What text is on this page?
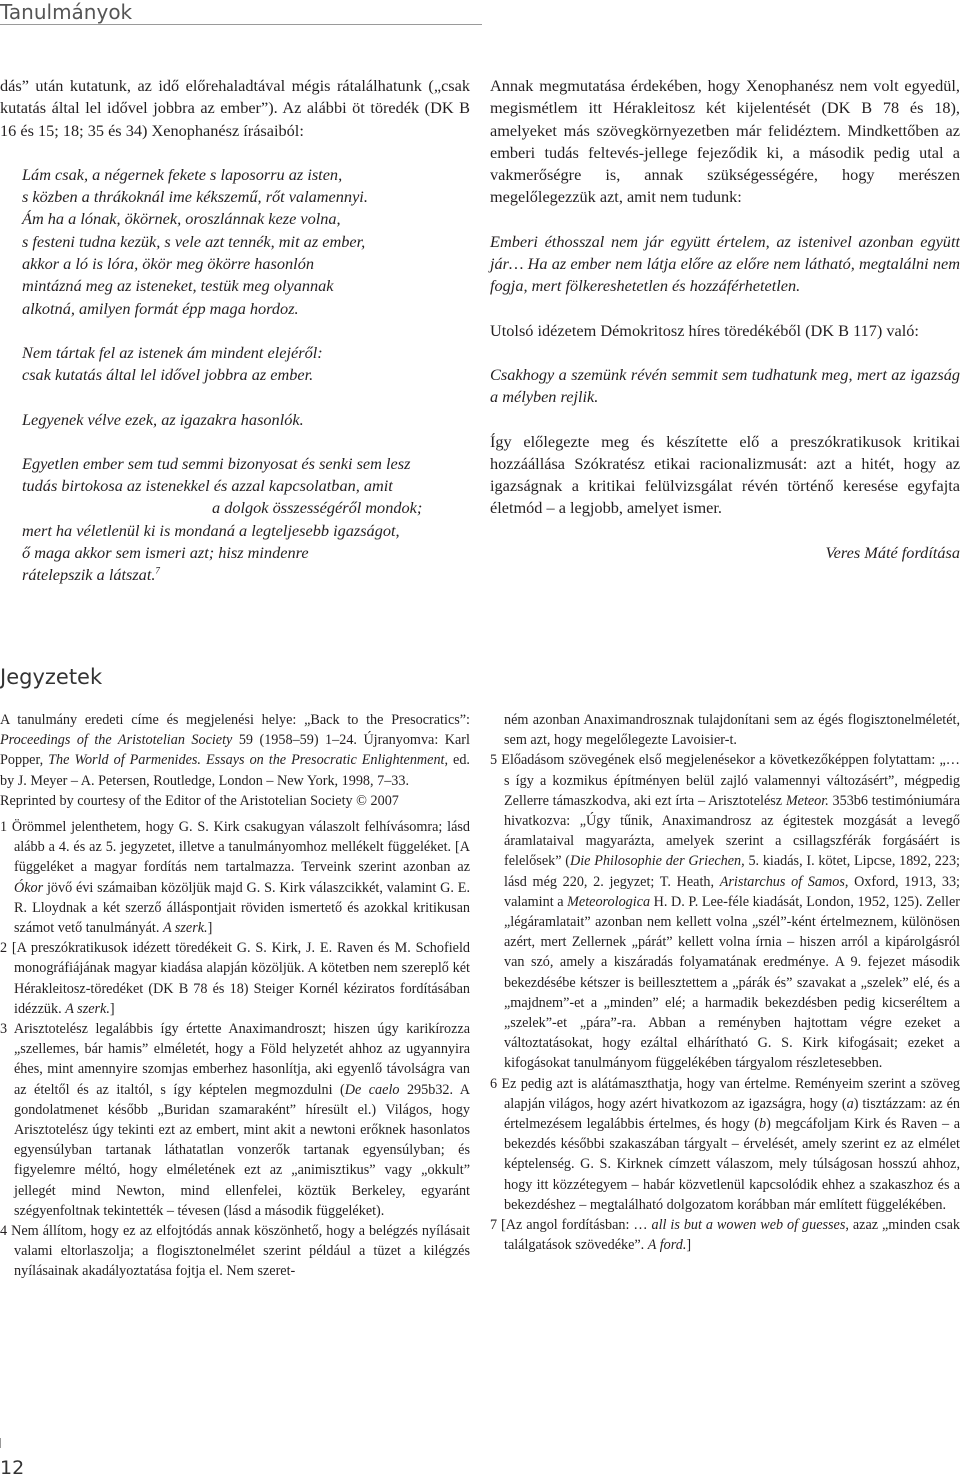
Tanulmányok

dás” után kutatunk, az idő előrehaladtával mégis rátalálhatunk („csak kutatás által lel idővel jobbra az ember”). Az alábbi öt töredék (DK B 16 és 15; 18; 35 és 34) Xenophanész írásaiból:

Lám csak, a négernek fekete s laposorru az isten,

s közben a thrákoknál ime kékszemű, rőt valamennyi.

Ám ha a lónak, ökörnek, oroszlánnak keze volna,

s festeni tudna kezük, s vele azt tennék, mit az ember,

akkor a ló is lóra, ökör meg ökörre hasonlón

mintázná meg az isteneket, testük meg olyannak

alkotná, amilyen formát épp maga hordoz.

Nem tártak fel az istenek ám mindent elejéről:

csak kutatás által lel idővel jobbra az ember.

Legyenek vélve ezek, az igazakra hasonlók.

Egyetlen ember sem tud semmi bizonyosat és senki sem lesz

tudás birtokosa az istenekkel és azzal kapcsolatban, amit

a dolgok összességéről mondok;

mert ha véletlenül ki is mondaná a legteljesebb igazságot,

ő maga akkor sem ismeri azt; hisz mindenre

rátelepszik a látszat.$^7$

Annak megmutatása érdekében, hogy Xenophanész nem volt egyedül, megismétlem itt Hérakleitosz két kijelentését (DK B 78 és 18), amelyeket más szövegkörnyezetben már felidéztem. Mindkettőben az emberi tudás feltevés-jellege fejeződik ki, a második pedig utal a vakmerőségre is, annak szükségességére, hogy merészen megelőlegezzük azt, amit nem tudunk:

Emberi éthosszal nem jár együtt értelem, az istenivel azonban együtt jár… Ha az ember nem látja előre az előre nem látható, megtalálni nem fogja, mert fölkereshetetlen és hozzáférhetetlen.

Utolsó idézetem Démokritosz híres töredékéből (DK B 117) való:

Csakhogy a szemünk révén semmit sem tudhatunk meg, mert az igazság a mélyben rejlik.

Így előlegezte meg és készítette elő a preszókratikusok kritikai hozzáállása Szókratész etikai racionalizmusát: azt a hitét, hogy az igazságnak a kritikai felülvizsgálat révén történő keresése egyfajta életmód – a legjobb, amelyet ismer.

Veres Máté fordítása

Jegyzetek

A tanulmány eredeti címe és megjelenési helye: „Back to the Presocratics”: Proceedings of the Aristotelian Society 59 (1958–59) 1–24. Újranyomva: Karl Popper, The World of Parmenides. Essays on the Presocratic Enlightenment, ed. by J. Meyer – A. Petersen, Routledge, London – New York, 1998, 7–33.

Reprinted by courtesy of the Editor of the Aristotelian Society © 2007

1 Örömmel jelenthetem, hogy G. S. Kirk csakugyan válaszolt felhívásomra; lásd alább a 4. és az 5. jegyzetet, illetve a tanulmányomhoz mellékelt függeléket. [A függeléket a magyar fordítás nem tartalmazza. Terveink szerint azonban az Ókor jövő évi számaiban közöljük majd G. S. Kirk válaszcikkét, valamint G. E. R. Lloydnak a két szerző álláspontjait röviden ismertető és azokkal kritikusan számot vető tanulmányát. A szerk.]

2 [A preszókratikusok idézett töredékeit G. S. Kirk, J. E. Raven és M. Schofield monográfiájának magyar kiadása alapján közöljük. A kötetben nem szereplő két Hérakleitosz-töredéket (DK B 78 és 18) Steiger Kornél kéziratos fordításában idézzük. A szerk.]

3 Arisztotelész legalábbis így értette Anaximandroszt; hiszen úgy karikírozza „szellemes, bár hamis” elméletét, hogy a Föld helyzetét ahhoz az ugyannyira éhes, mint amennyire szomjas emberhez hasonlítja, aki egyenlő távolságra van az ételtől és az italtól, s így képtelen megmozdulni (De caelo 295b32. A gondolatmenet később „Buridan szamaraként” híresült el.) Világos, hogy Arisztotelész úgy tekinti ezt az embert, mint akit a newtoni erőknek hasonlatos egyensúlyban tartanak láthatatlan vonzerők tartanak egyensúlyban; és figyelemre méltó, hogy elméletének ezt az „animisztikus” vagy „okkult” jellegét mind Newton, mind ellenfelei, köztük Berkeley, egyaránt szégyenfoltnak tekintették – tévesen (lásd a második függeléket).

4 Nem állítom, hogy ez az elfojtódás annak köszönhető, hogy a belégzés nyílásait valami eltorlaszolja; a flogisztonelmélet szerint például a tüzet a kilégzés nyílásainak akadályoztatása fojtja el. Nem szeret-

ném azonban Anaximandrosznak tulajdonítani sem az égés flogisztonelméletét, sem azt, hogy megelőlegezte Lavoisier-t.

5 Előadásom szövegének első megjelenésekor a következőképpen folytattam: „… s így a kozmikus építményen belül zajló valamennyi változásért”, mégpedig Zellerre támaszkodva, aki ezt írta – Arisztotelész Meteor. 353b6 testimóniumára hivatkozva: „Úgy tűnik, Anaximandrosz az égitestek mozgását a levegő áramlataival magyarázta, amelyek szerint a csillagszférák forgásáért is felelősek” (Die Philosophie der Griechen, 5. kiadás, I. kötet, Lipcse, 1892, 223; lásd még 220, 2. jegyzet; T. Heath, Aristarchus of Samos, Oxford, 1913, 33; valamint a Meteorologica H. D. P. Lee-féle kiadását, London, 1952, 125). Zeller „légáramlatait” azonban nem kellett volna „szél”-ként értelmeznem, különösen azért, mert Zellernek „párát” kellett volna írnia – hiszen arról a kipárolgásról van szó, amely a kiszáradás folyamatának eredménye. A 9. fejezet második bekezdésébe kétszer is beillesztettem a „párák és” szavakat a „szelek” elé, és a „majdnem”-et a „minden” elé; a harmadik bekezdésben pedig kicseréltem a „szelek”-et „pára”-ra. Abban a reményben hajtottam végre ezeket a változtatásokat, hogy ezáltal elhárítható G. S. Kirk kifogásait; ezeket a kifogásokat tanulmányom függelékében tárgyalom részletesebben.

6 Ez pedig azt is alátámaszthatja, hogy van értelme. Reményeim szerint a szöveg alapján világos, hogy azért hivatkozom az igazságra, hogy (a) tisztázzam: az én értelmezésem legalábbis értelmes, és hogy (b) megcáfoljam Kirk és Raven – a bekezdés későbbi szakaszában tárgyalt – érvelését, amely szerint ez az elmélet képtelenség. G. S. Kirknek címzett válaszom, mely túlságosan hosszú ahhoz, hogy itt közzétegyem – habár közvetlenül kapcsolódik ehhez a szakaszhoz és a bekezdéshez – megtalálható dolgozatom korábban már említett függelékében.

7 [Az angol fordításban: … all is but a wowen web of guesses, azaz „minden csak találgatások szövedéke”. A ford.]

12
